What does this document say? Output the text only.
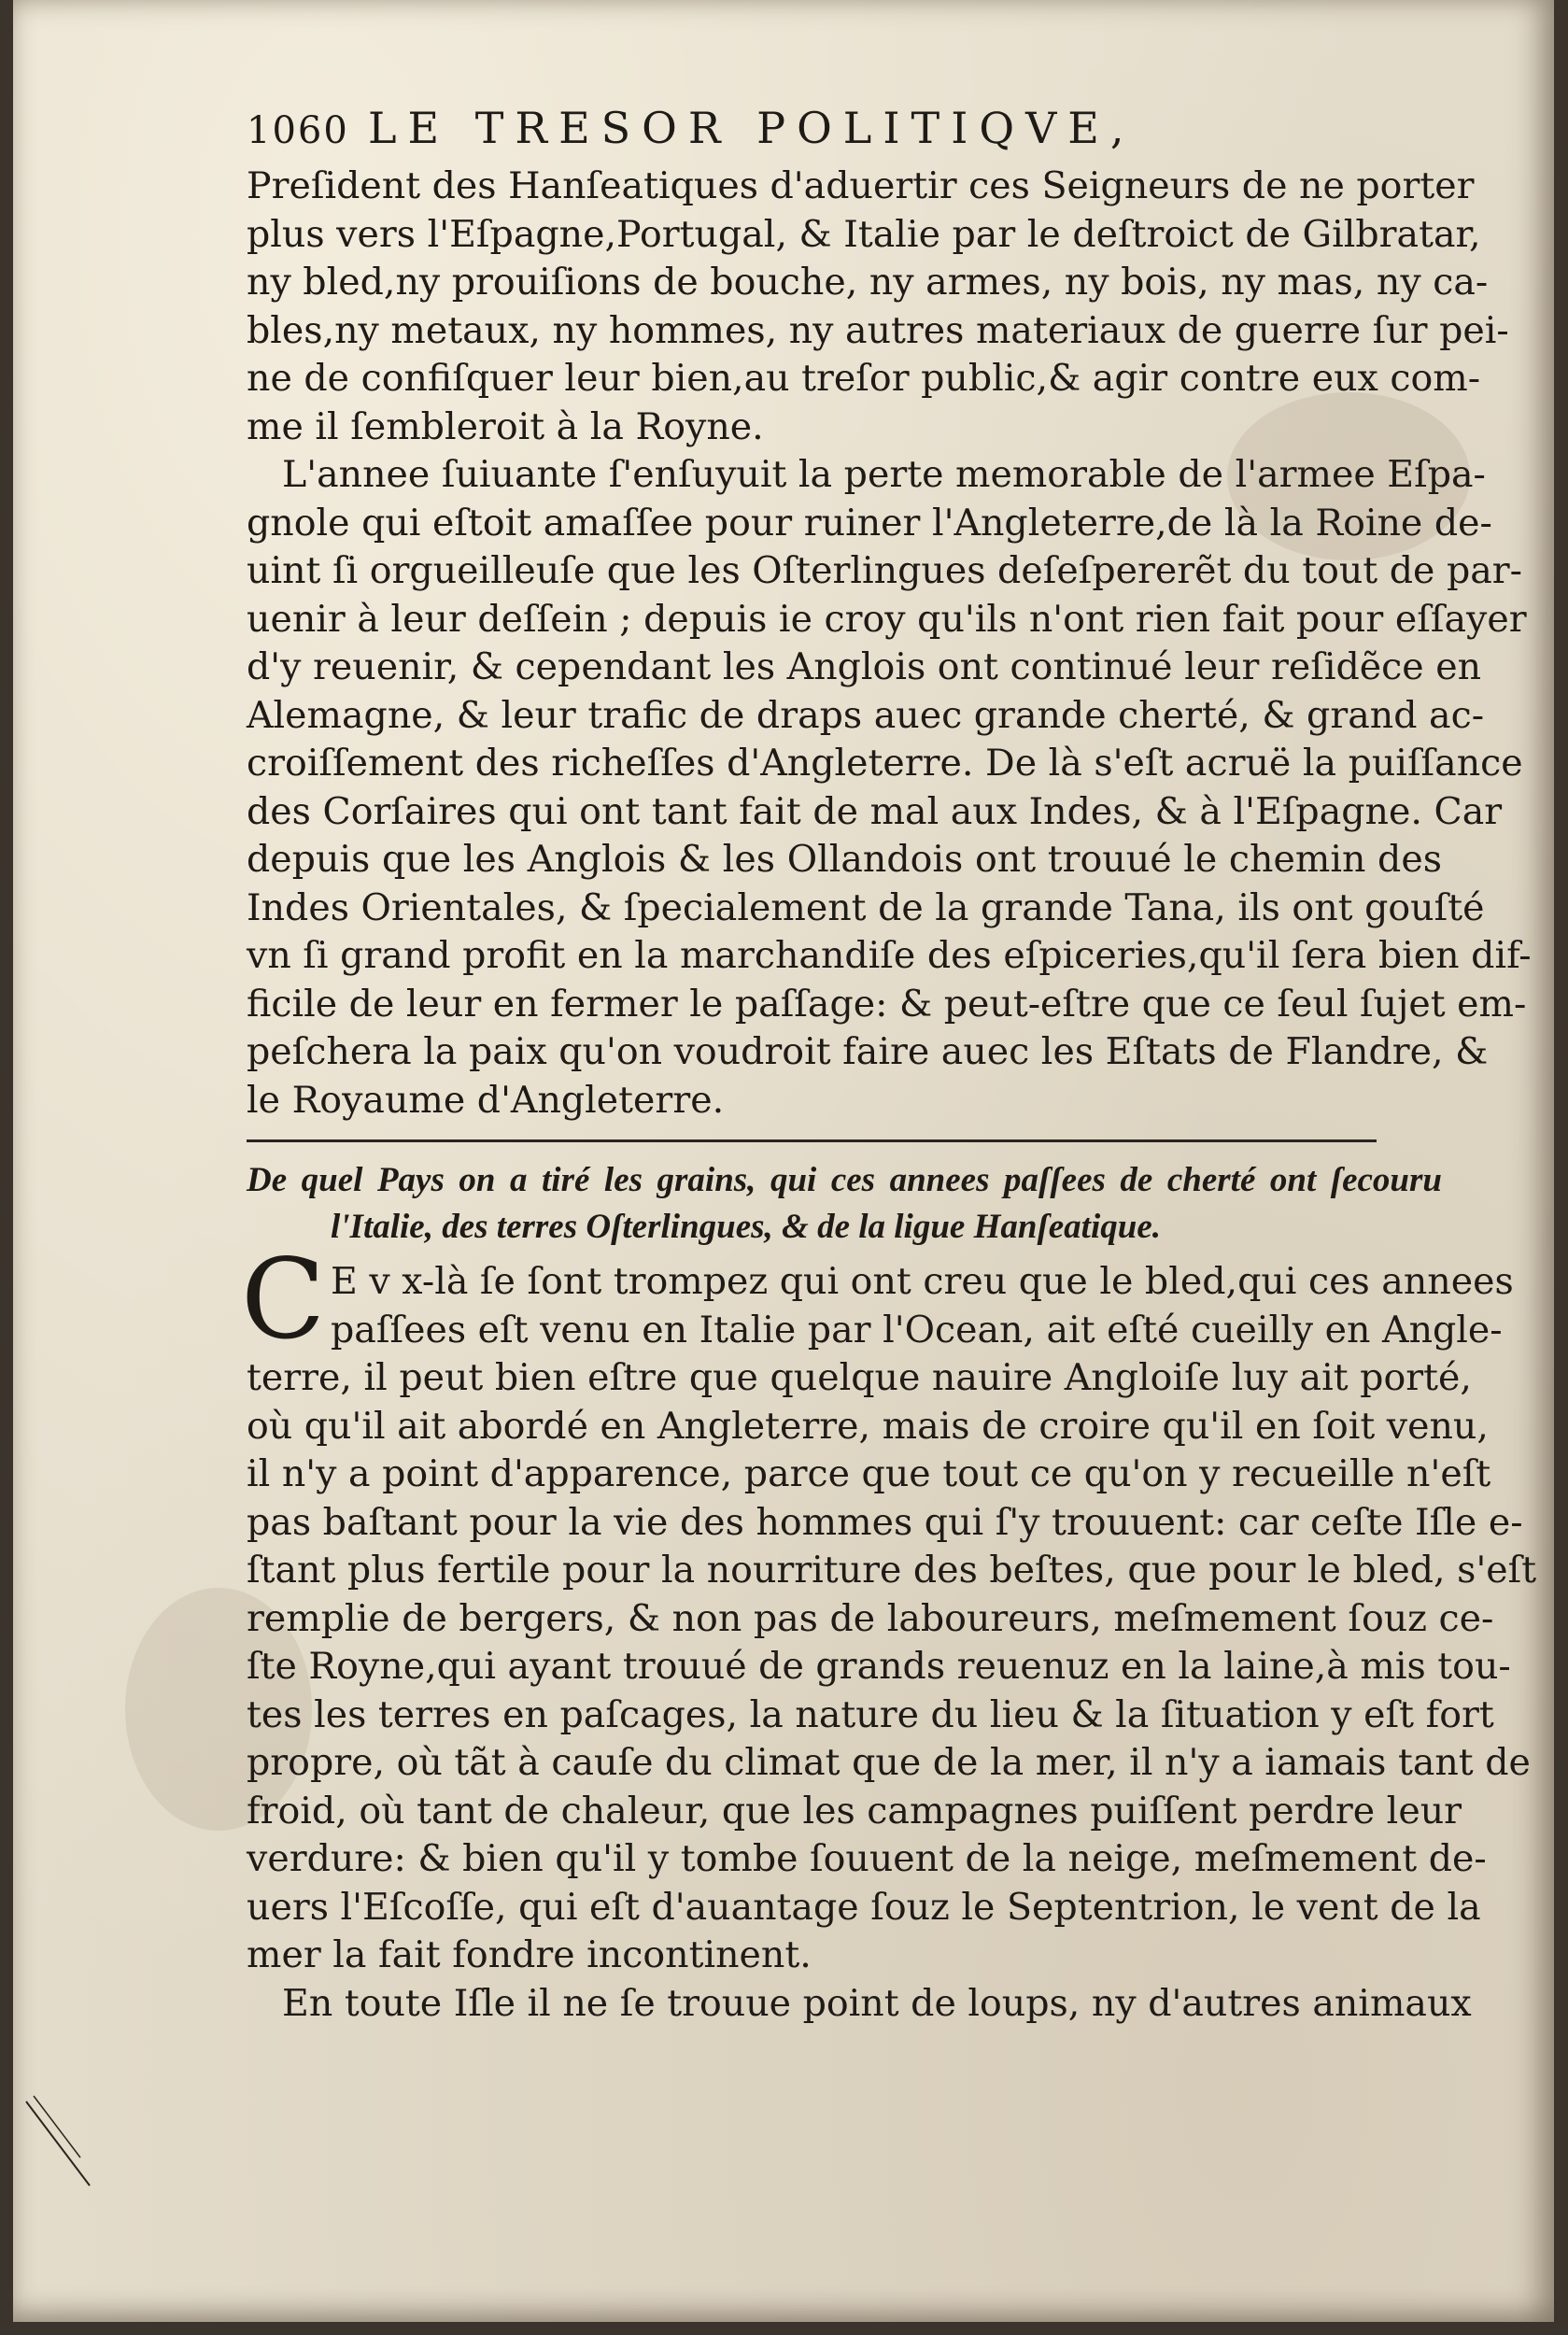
1060 LE TRESOR POLITIQVE,
Preſident des Hanſeatiques d'aduertir ces Seigneurs de ne porter
plus vers l'Eſpagne,Portugal, & Italie par le deſtroict de Gilbratar,
ny bled,ny prouiſions de bouche, ny armes, ny bois, ny mas, ny ca-
bles,ny metaux, ny hommes, ny autres materiaux de guerre ſur pei-
ne de confiſquer leur bien,au treſor public,& agir contre eux com-
me il ſembleroit à la Royne.
L'annee ſuiuante ſ'enſuyuit la perte memorable de l'armee Eſpa-
gnole qui eſtoit amaſſee pour ruiner l'Angleterre,de là la Roine de-
uint ſi orgueilleuſe que les Oſterlingues deſeſpererẽt du tout de par-
uenir à leur deſſein ; depuis ie croy qu'ils n'ont rien fait pour eſſayer
d'y reuenir, & cependant les Anglois ont continué leur reſidẽce en
Alemagne, & leur trafic de draps auec grande cherté, & grand ac-
croiſſement des richeſſes d'Angleterre. De là s'eſt acruë la puiſſance
des Corſaires qui ont tant fait de mal aux Indes, & à l'Eſpagne. Car
depuis que les Anglois & les Ollandois ont trouué le chemin des
Indes Orientales, & ſpecialement de la grande Tana, ils ont gouſté
vn ſi grand profit en la marchandiſe des eſpiceries,qu'il ſera bien dif-
ficile de leur en fermer le paſſage: & peut-eſtre que ce ſeul ſujet em-
peſchera la paix qu'on voudroit faire auec les Eſtats de Flandre, &
le Royaume d'Angleterre.
De quel Pays on a tiré les grains, qui ces annees paſſees de cherté ont ſecouru
l'Italie, des terres Oſterlingues, & de la ligue Hanſeatique.
C E v x-là ſe ſont trompez qui ont creu que le bled,qui ces annees
paſſees eſt venu en Italie par l'Ocean, ait eſté cueilly en Angle-
terre, il peut bien eſtre que quelque nauire Angloiſe luy ait porté,
où qu'il ait abordé en Angleterre, mais de croire qu'il en ſoit venu,
il n'y a point d'apparence, parce que tout ce qu'on y recueille n'eſt
pas baſtant pour la vie des hommes qui ſ'y trouuent: car ceſte Iſle e-
ſtant plus fertile pour la nourriture des beſtes, que pour le bled, s'eſt
remplie de bergers, & non pas de laboureurs, meſmement ſouz ce-
ſte Royne,qui ayant trouué de grands reuenuz en la laine,à mis tou-
tes les terres en paſcages, la nature du lieu & la ſituation y eſt fort
propre, où tãt à cauſe du climat que de la mer, il n'y a iamais tant de
froid, où tant de chaleur, que les campagnes puiſſent perdre leur
verdure: & bien qu'il y tombe ſouuent de la neige, meſmement de-
uers l'Eſcoſſe, qui eſt d'auantage ſouz le Septentrion, le vent de la
mer la fait fondre incontinent.
En toute Iſle il ne ſe trouue point de loups, ny d'autres animaux
